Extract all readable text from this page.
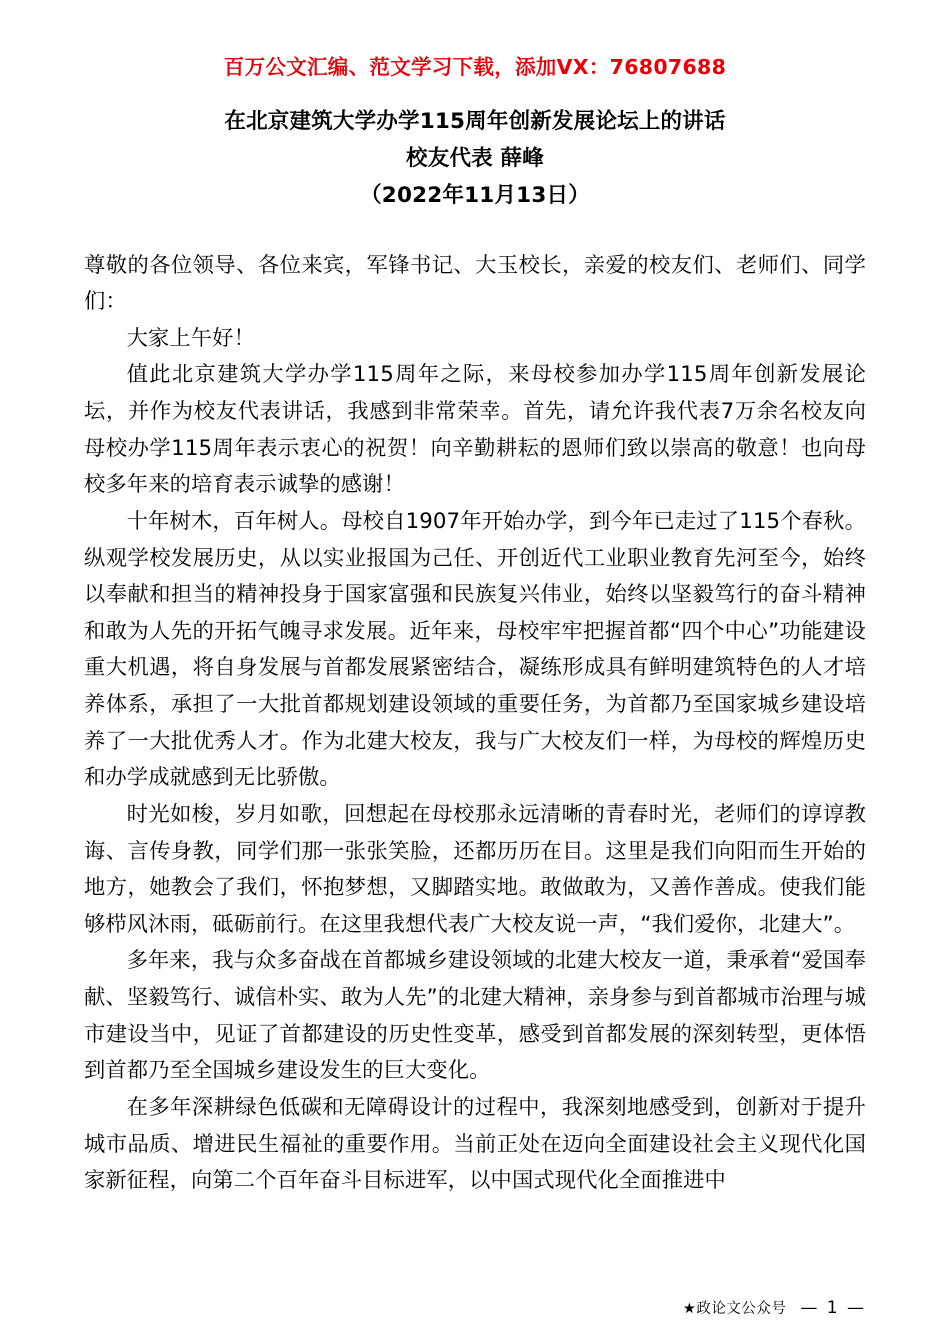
百万公文汇编、范文学习下载，添加VX：76807688
在北京建筑大学办学115周年创新发展论坛上的讲话
校友代表 薛峰
（2022年11月13日）

尊敬的各位领导、各位来宾，军锋书记、大玉校长，亲爱的校友们、老师们、同学们：

大家上午好！

值此北京建筑大学办学115周年之际，来母校参加办学115周年创新发展论坛，并作为校友代表讲话，我感到非常荣幸。首先，请允许我代表7万余名校友向母校办学115周年表示衷心的祝贺！向辛勤耕耘的恩师们致以崇高的敬意！也向母校多年来的培育表示诚挚的感谢！

十年树木，百年树人。母校自1907年开始办学，到今年已走过了115个春秋。纵观学校发展历史，从以实业报国为己任、开创近代工业职业教育先河至今，始终以奉献和担当的精神投身于国家富强和民族复兴伟业，始终以坚毅笃行的奋斗精神和敢为人先的开拓气魄寻求发展。近年来，母校牢牢把握首都“四个中心”功能建设重大机遇，将自身发展与首都发展紧密结合，凝练形成具有鲜明建筑特色的人才培养体系，承担了一大批首都规划建设领域的重要任务，为首都乃至国家城乡建设培养了一大批优秀人才。作为北建大校友，我与广大校友们一样，为母校的辉煌历史和办学成就感到无比骄傲。

时光如梭，岁月如歌，回想起在母校那永远清晰的青春时光，老师们的谆谆教诲、言传身教，同学们那一张张笑脸，还都历历在目。这里是我们向阳而生开始的地方，她教会了我们，怀抱梦想，又脚踏实地。敢做敢为，又善作善成。使我们能够栉风沐雨，砥砺前行。在这里我想代表广大校友说一声，“我们爱你，北建大”。

多年来，我与众多奋战在首都城乡建设领域的北建大校友一道，秉承着“爱国奉献、坚毅笃行、诚信朴实、敢为人先”的北建大精神，亲身参与到首都城市治理与城市建设当中，见证了首都建设的历史性变革，感受到首都发展的深刻转型，更体悟到首都乃至全国城乡建设发生的巨大变化。

在多年深耕绿色低碳和无障碍设计的过程中，我深刻地感受到，创新对于提升城市品质、增进民生福祉的重要作用。当前正处在迈向全面建设社会主义现代化国家新征程，向第二个百年奋斗目标进军，以中国式现代化全面推进中

★政论文公众号 — 1 —
